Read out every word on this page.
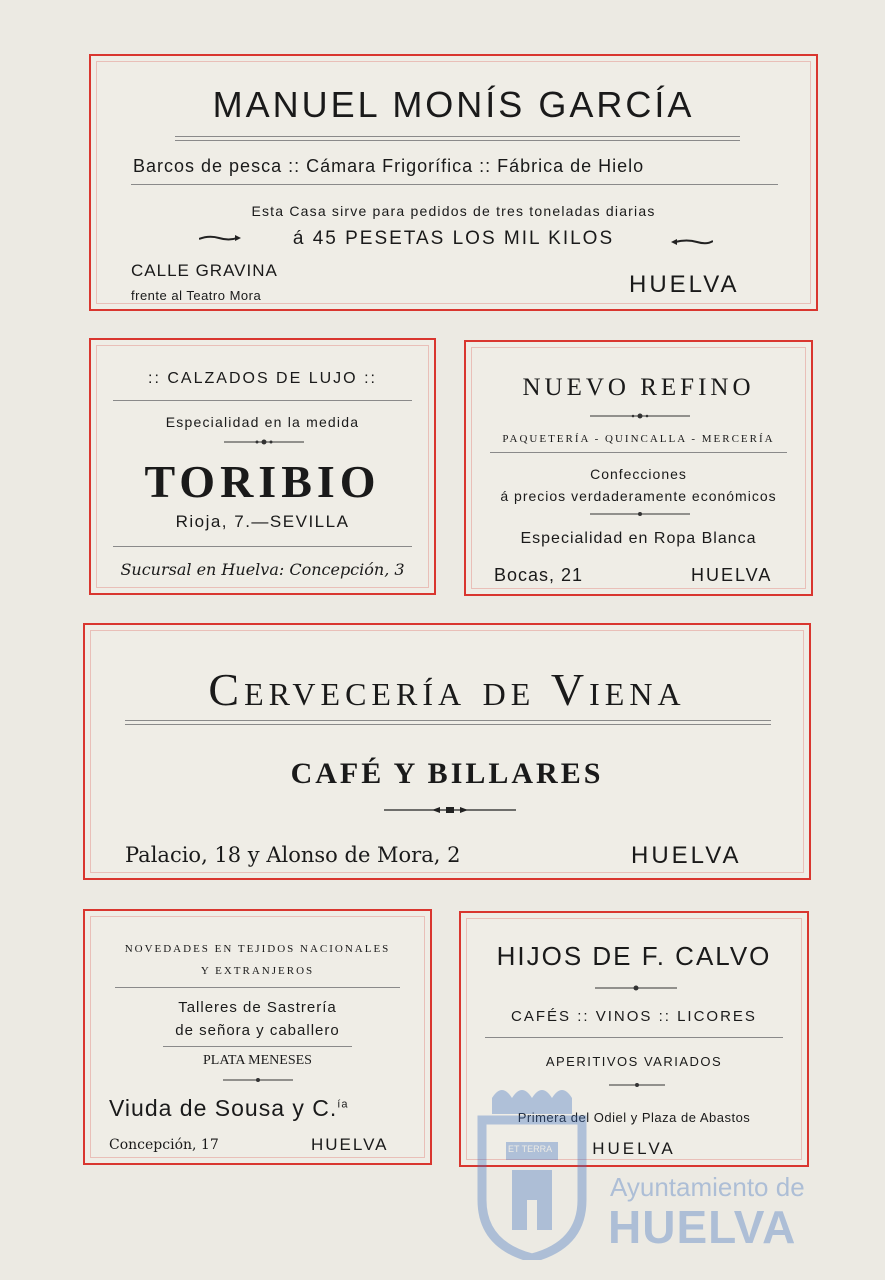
MANUEL MONÍS GARCÍA
Barcos de pesca :: Cámara Frigorífica :: Fábrica de Hielo
Esta Casa sirve para pedidos de tres toneladas diarias
á 45 PESETAS LOS MIL KILOS
CALLE GRAVINA
frente al Teatro Mora	HUELVA
:: CALZADOS DE LUJO ::
Especialidad en la medida
TORIBIO
Rioja, 7.—SEVILLA
Sucursal en Huelva: Concepción, 3
NUEVO REFINO
PAQUETERÍA - QUINCALLA - MERCERÍA
Confecciones
á precios verdaderamente económicos
Especialidad en Ropa Blanca
Bocas, 21	HUELVA
Cervecería de Viena
CAFÉ Y BILLARES
Palacio, 18 y Alonso de Mora, 2	HUELVA
NOVEDADES EN TEJIDOS NACIONALES
Y EXTRANJEROS
Talleres de Sastrería
de señora y caballero
PLATA MENESES
Viuda de Sousa y C.$^{ía}$
Concepción, 17	HUELVA
HIJOS DE F. CALVO
CAFÉS :: VINOS :: LICORES
APERITIVOS VARIADOS
Primera del Odiel y Plaza de Abastos
HUELVA
ET TERRA
Ayuntamiento de
HUELVA
